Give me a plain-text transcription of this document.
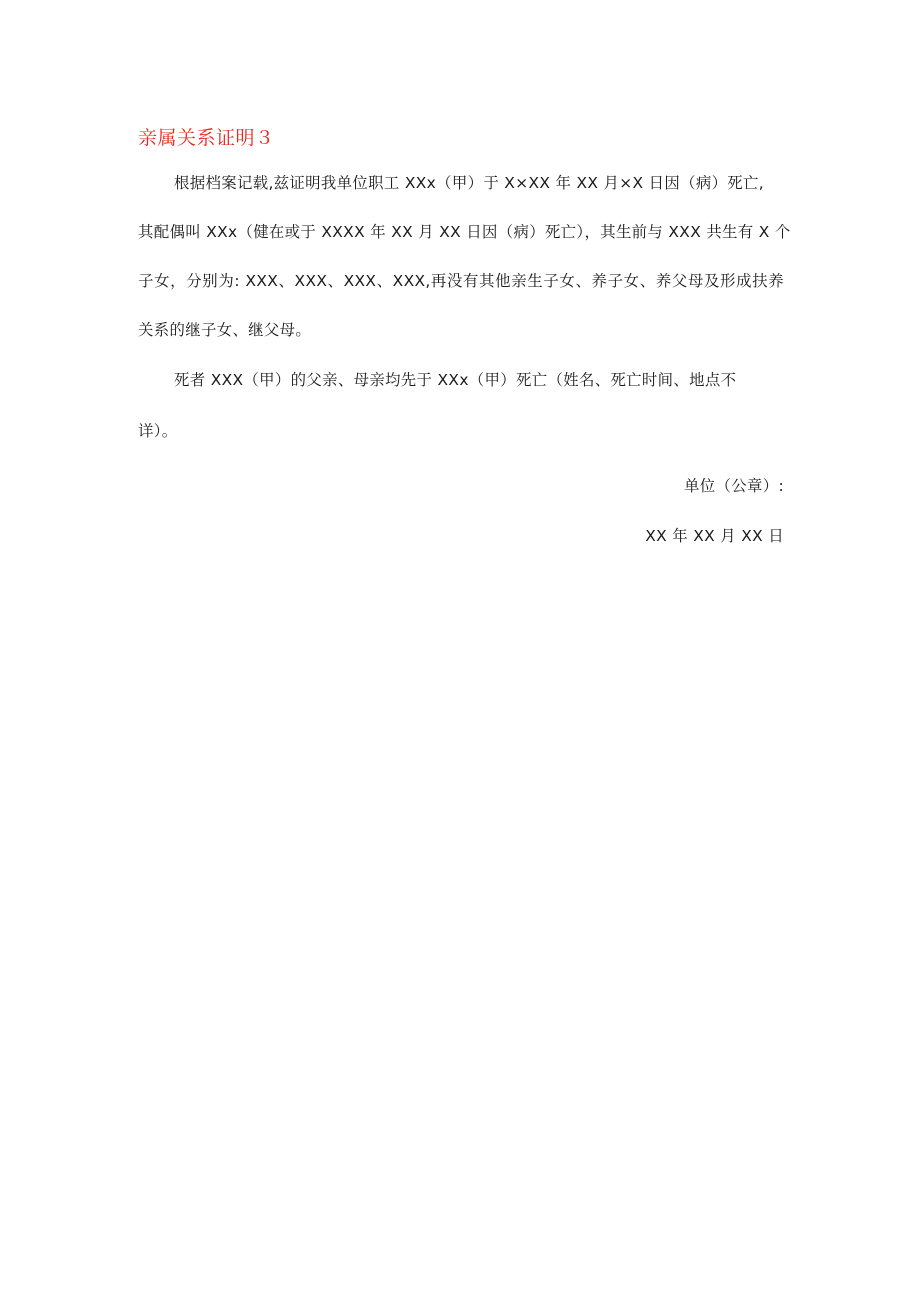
亲属关系证明３
根据档案记载,兹证明我单位职工 XXx（甲）于 X×XX 年 XX 月×X 日因（病）死亡,
其配偶叫 XXx（健在或于 XXXX 年 XX 月 XX 日因（病）死亡），其生前与 XXX 共生有 X 个
子女，分别为: XXX、XXX、XXX、XXX,再没有其他亲生子女、养子女、养父母及形成扶养
关系的继子女、继父母。
死者 XXX（甲）的父亲、母亲均先于 XXx（甲）死亡（姓名、死亡时间、地点不
详）。
单位（公章）:
XX 年 XX 月 XX 日
